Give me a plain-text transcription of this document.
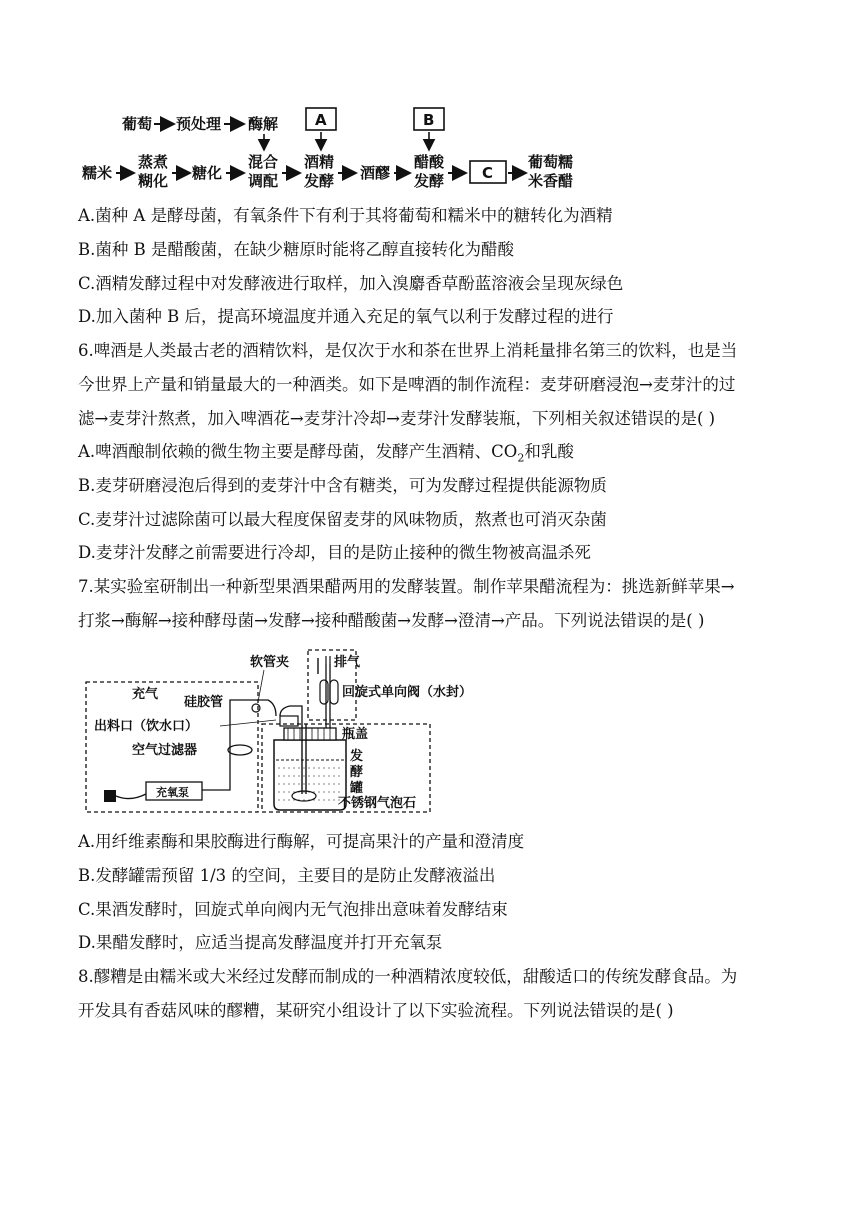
葡萄 预处理 酶解 A	B
糯米
蒸煮
糊化 糖化
混合
调配
酒精
发酵 酒醪
醋酸
发酵	C
葡萄糯
米香醋
A.菌种 A 是酵母菌，有氧条件下有利于其将葡萄和糯米中的糖转化为酒精
B.菌种 B 是醋酸菌，在缺少糖原时能将乙醇直接转化为醋酸
C.酒精发酵过程中对发酵液进行取样，加入溴麝香草酚蓝溶液会呈现灰绿色
D.加入菌种 B 后，提高环境温度并通入充足的氧气以利于发酵过程的进行
6.啤酒是人类最古老的酒精饮料，是仅次于水和茶在世界上消耗量排名第三的饮料，也是当
今世界上产量和销量最大的一种酒类。如下是啤酒的制作流程：麦芽研磨浸泡→麦芽汁的过
滤→麦芽汁熬煮，加入啤酒花→麦芽汁冷却→麦芽汁发酵装瓶，下列相关叙述错误的是( )
A.啤酒酿制依赖的微生物主要是酵母菌，发酵产生酒精、$CO_2$和乳酸
B.麦芽研磨浸泡后得到的麦芽汁中含有糖类，可为发酵过程提供能源物质
C.麦芽汁过滤除菌可以最大程度保留麦芽的风味物质，熬煮也可消灭杂菌
D.麦芽汁发酵之前需要进行冷却，目的是防止接种的微生物被高温杀死
7.某实验室研制出一种新型果酒果醋两用的发酵装置。制作苹果醋流程为：挑选新鲜苹果→
打浆→酶解→接种酵母菌→发酵→接种醋酸菌→发酵→澄清→产品。下列说法错误的是( )
软管夹	排气
回旋式单向阀（水封）
充气
硅胶管
出料口（饮水口）
空气过滤器
瓶盖
发
酵
罐
不锈钢气泡石
充氧泵
A.用纤维素酶和果胶酶进行酶解，可提高果汁的产量和澄清度
B.发酵罐需预留 1/3 的空间，主要目的是防止发酵液溢出
C.果酒发酵时，回旋式单向阀内无气泡排出意味着发酵结束
D.果醋发酵时，应适当提高发酵温度并打开充氧泵
8.醪糟是由糯米或大米经过发酵而制成的一种酒精浓度较低，甜酸适口的传统发酵食品。为
开发具有香菇风味的醪糟，某研究小组设计了以下实验流程。下列说法错误的是( )
